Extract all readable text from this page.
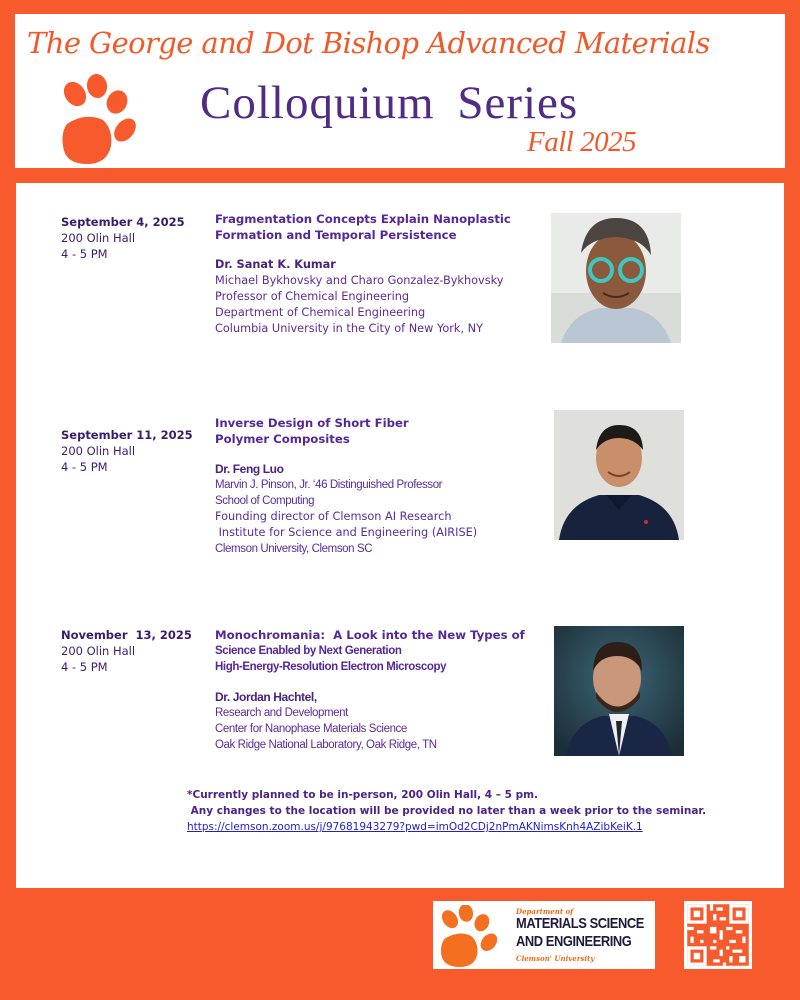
The George and Dot Bishop Advanced Materials
Colloquium Series
Fall 2025
September 4, 2025
200 Olin Hall
4 - 5 PM
Fragmentation Concepts Explain Nanoplastic
Formation and Temporal Persistence
Dr. Sanat K. Kumar
Michael Bykhovsky and Charo Gonzalez-Bykhovsky
Professor of Chemical Engineering
Department of Chemical Engineering
Columbia University in the City of New York, NY
September 11, 2025
200 Olin Hall
4 - 5 PM
Inverse Design of Short Fiber
Polymer Composites
Dr. Feng Luo
Marvin J. Pinson, Jr. ‘46 Distinguished Professor
School of Computing
Founding director of Clemson AI Research
Institute for Science and Engineering (AIRISE)
Clemson University, Clemson SC
November  13, 2025
200 Olin Hall
4 - 5 PM
Monochromania:  A Look into the New Types of
Science Enabled by Next Generation
High-Energy-Resolution Electron Microscopy
Dr. Jordan Hachtel,
Research and Development
Center for Nanophase Materials Science
Oak Ridge National Laboratory, Oak Ridge, TN
*Currently planned to be in-person, 200 Olin Hall, 4 – 5 pm.
Any changes to the location will be provided no later than a week prior to the seminar.
https://clemson.zoom.us/j/97681943279?pwd=imOd2CDj2nPmAKNimsKnh4AZibKeiK.1
Department of
MATERIALS SCIENCE
AND ENGINEERING
Clemson' University
